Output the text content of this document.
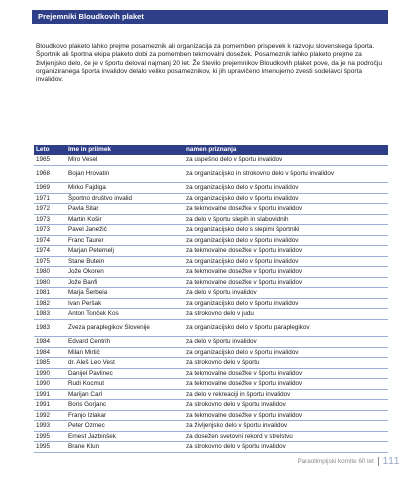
Prejemniki Bloudkovih plaket

Bloudkovo plaketo lahko prejme posameznik ali organizacija za pomemben prispevek k razvoju slovenskega športa. Športnik ali športna ekipa plaketo dobi za pomemben tekmovalni dosežek. Posameznik lahko plaketo prejme za življenjsko delo, če je v športu deloval najmanj 20 let. Že število prejemnikov Bloudkovih plaket pove, da je na področju organiziranega športa invalidov delalo veliko posameznikov, ki jih upravičeno imenujemo zvesti sodelavci športa invalidov.

Leto	Ime in priimek	namen priznanja
1965	Miro Vesel	za uspešno delo v športu invalidov
1968	Bojan Hrovatin	za organizacijsko in strokovno delo v športu invalidov
1969	Mirko Fajdiga	za organizacijsko delo v športu invalidov
1971	Športno društvo invalid	za organizacijsko delo v športu invalidov
1972	Pavla Sitar	za tekmovalne dosežke v športu invalidov
1973	Martin Košir	za delo v športu slepih in slabovidnih
1973	Pavel Janežič	za organizacijsko delo s slepimi športniki
1974	Franc Taurer	za organizacijsko delo v športu invalidov
1974	Marjan Peternelj	za tekmovalne dosežke v športu invalidov
1975	Stane Butein	za organizacijsko delo v športu invalidov
1980	Jože Okoren	za tekmovalne dosežke v športu invalidov
1980	Jože Banfi	za tekmovalne dosežke v športu invalidov
1981	Marja Šerbela	za delo v športu invalidov
1982	Ivan Peršak	za organizacijsko delo v športu invalidov
1983	Anton Tonček Kos	za strokovno delo v judu
1983	Zveza paraplegikov Slovenije	za organizacijsko delo v športu paraplegikov
1984	Edvard Centrih	za delo v športu invalidov
1984	Milan Mirtič	za organizacijsko delo v športu invalidov
1985	dr. Aleš Leo Vest	za strokovno delo v športu
1990	Danijel Pavlinec	za tekmovalne dosežke v športu invalidov
1990	Rudi Kocmut	za tekmovalne dosežke v športu invalidov
1991	Marijan Carl	za delo v rekreaciji in športu invalidov
1991	Boris Gorjanc	za strokovno delo v športu invalidov
1992	Franjo Izlakar	za tekmovalne dosežke v športu invalidov
1993	Peter Ozmec	za življenjsko delo v športu invalidov
1995	Ernest Jazbinšek	za dosežen svetovni rekord v strelstvu
1995	Brane Klun	za strokovno delo v športu invalidov
Paraolimpijski komite 60 let 111
